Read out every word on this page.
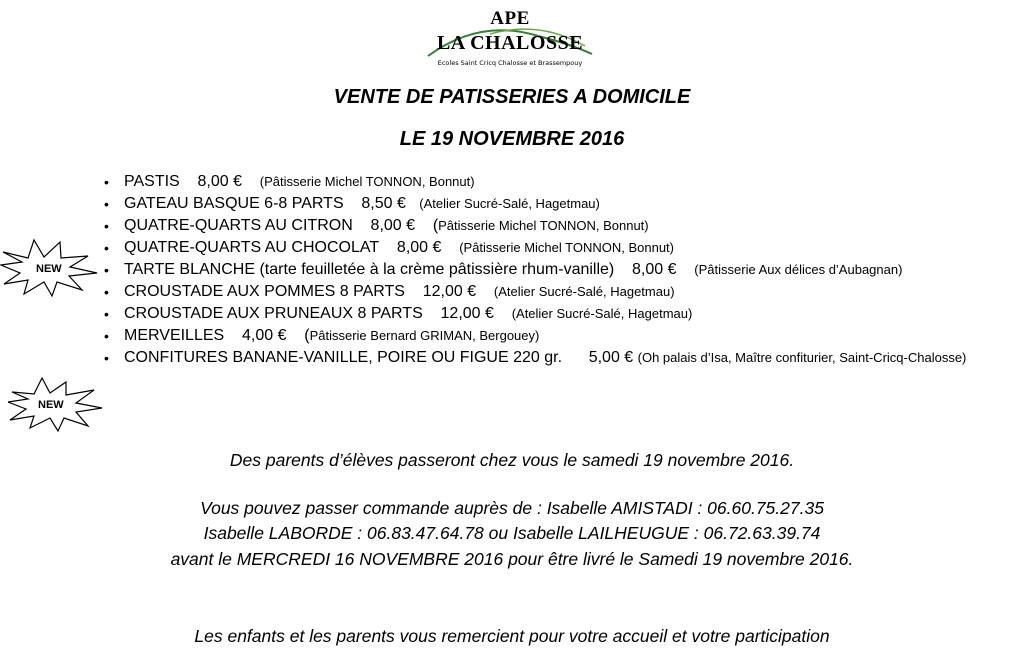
APE
LA CHALOSSE
Ecoles Saint Cricq Chalosse et Brassempouy
VENTE DE PATISSERIES A DOMICILE
LE 19 NOVEMBRE 2016
NEW
NEW
• PASTIS 8,00 € (Pâtisserie Michel TONNON, Bonnut)
• GATEAU BASQUE 6-8 PARTS 8,50 € (Atelier Sucré-Salé, Hagetmau)
• QUATRE-QUARTS AU CITRON 8,00 € (Pâtisserie Michel TONNON, Bonnut)
• QUATRE-QUARTS AU CHOCOLAT 8,00 € (Pâtisserie Michel TONNON, Bonnut)
• TARTE BLANCHE (tarte feuilletée à la crème pâtissière rhum-vanille) 8,00 € (Pâtisserie Aux délices d’Aubagnan)
• CROUSTADE AUX POMMES 8 PARTS 12,00 € (Atelier Sucré-Salé, Hagetmau)
• CROUSTADE AUX PRUNEAUX 8 PARTS 12,00 € (Atelier Sucré-Salé, Hagetmau)
• MERVEILLES 4,00 € (Pâtisserie Bernard GRIMAN, Bergouey)
• CONFITURES BANANE-VANILLE, POIRE OU FIGUE 220 gr. 5,00 € (Oh palais d’Isa, Maître confiturier, Saint-Cricq-Chalosse)
Des parents d’élèves passeront chez vous le samedi 19 novembre 2016.
Vous pouvez passer commande auprès de : Isabelle AMISTADI : 06.60.75.27.35
Isabelle LABORDE : 06.83.47.64.78 ou Isabelle LAILHEUGUE : 06.72.63.39.74
avant le MERCREDI 16 NOVEMBRE 2016 pour être livré le Samedi 19 novembre 2016.
Les enfants et les parents vous remercient pour votre accueil et votre participation
